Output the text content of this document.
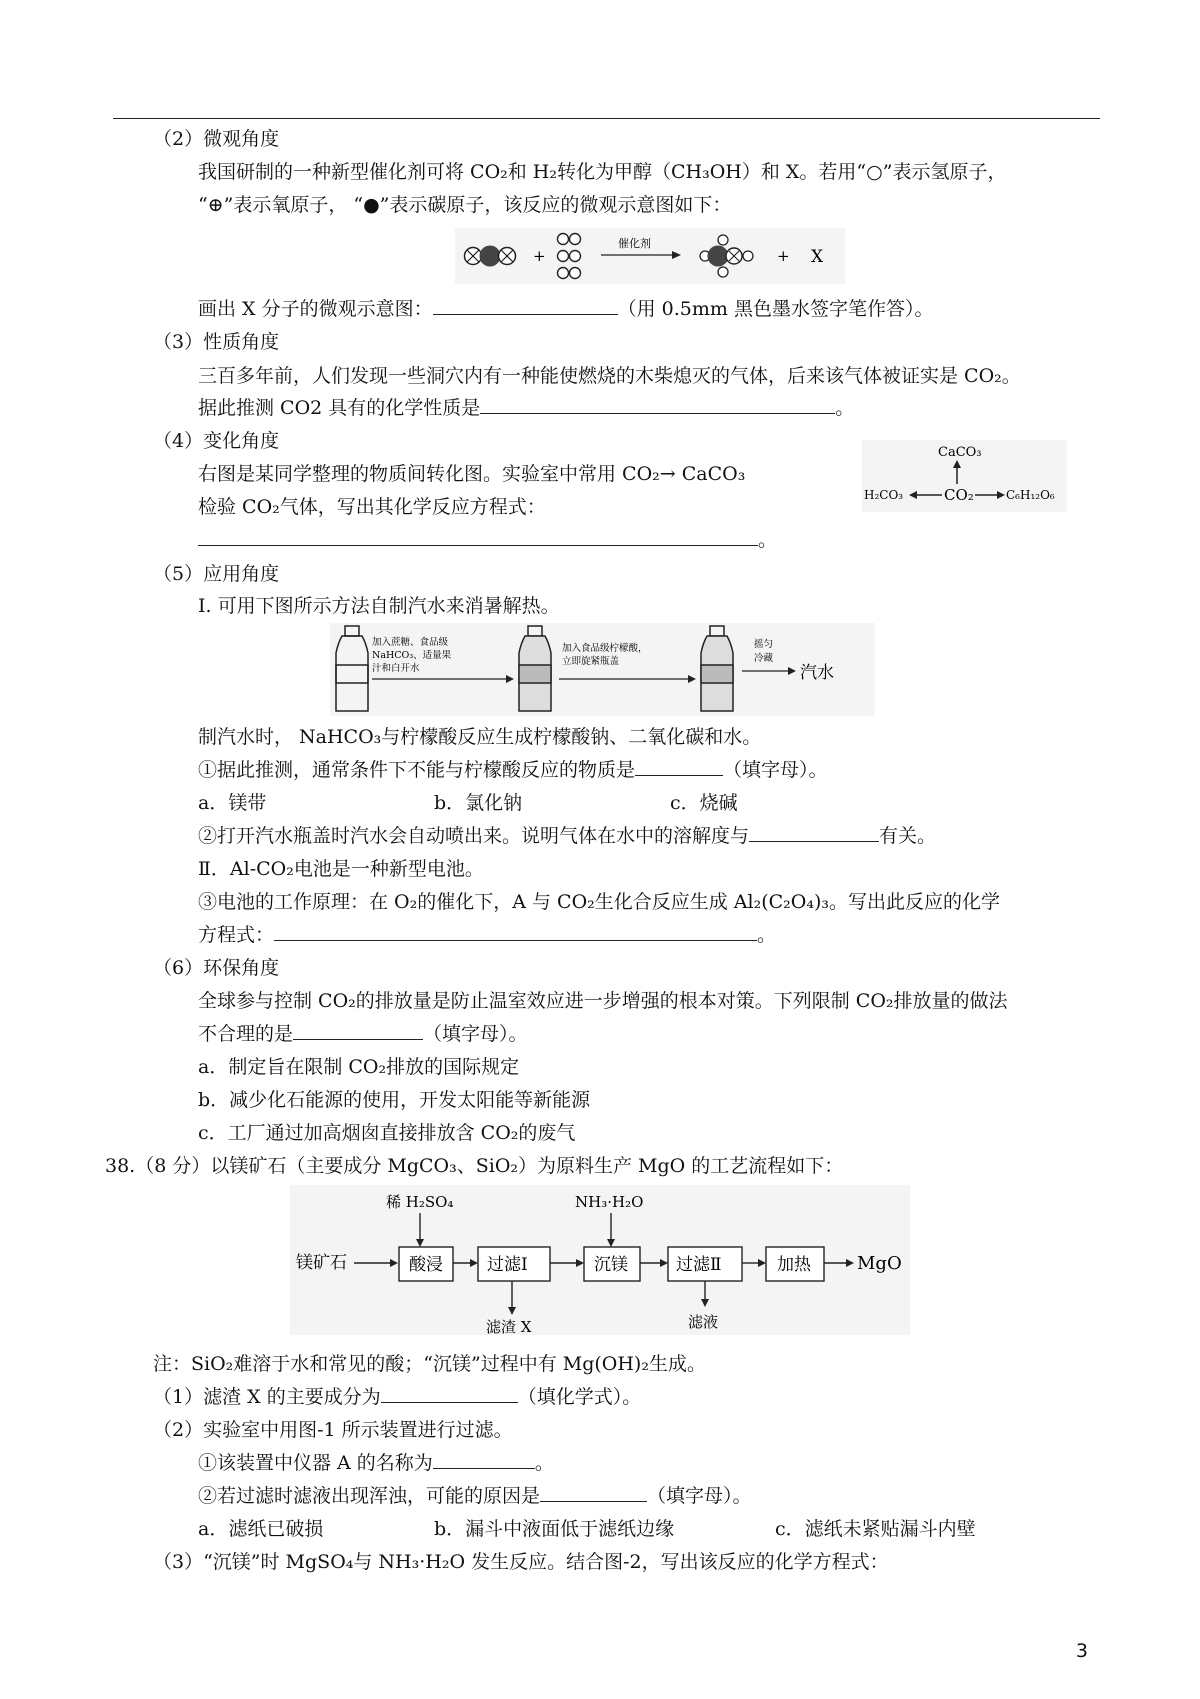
（2）微观角度
我国研制的一种新型催化剂可将 CO₂和 H₂转化为甲醇（CH₃OH）和 X。若用“○”表示氢原子，
“⊕”表示氧原子， “●”表示碳原子，该反应的微观示意图如下：
+
催化剂
+ X
画出 X 分子的微观示意图：	（用 0.5mm 黑色墨水签字笔作答）。
（3）性质角度
三百多年前，人们发现一些洞穴内有一种能使燃烧的木柴熄灭的气体，后来该气体被证实是 CO₂。
据此推测 CO2 具有的化学性质是	。
（4）变化角度
右图是某同学整理的物质间转化图。实验室中常用 CO₂→ CaCO₃
检验 CO₂气体，写出其化学反应方程式：
。
CaCO₃
CO₂
H₂CO₃	C₆H₁₂O₆
（5）应用角度
Ⅰ. 可用下图所示方法自制汽水来消暑解热。
加入蔗糖、食品级
NaHCO₃、适量果
汁和白开水
加入食品级柠檬酸，
立即旋紧瓶盖
摇匀
冷藏
汽水
制汽水时， NaHCO₃与柠檬酸反应生成柠檬酸钠、二氧化碳和水。
①据此推测，通常条件下不能与柠檬酸反应的物质是	（填字母）。
a．镁带	b．氯化钠	c．烧碱
②打开汽水瓶盖时汽水会自动喷出来。说明气体在水中的溶解度与	有关。
Ⅱ．Al-CO₂电池是一种新型电池。
③电池的工作原理：在 O₂的催化下，A 与 CO₂生化合反应生成 Al₂(C₂O₄)₃。写出此反应的化学
方程式：	。
（6）环保角度
全球参与控制 CO₂的排放量是防止温室效应进一步增强的根本对策。下列限制 CO₂排放量的做法
不合理的是	（填字母）。
a．制定旨在限制 CO₂排放的国际规定
b．减少化石能源的使用，开发太阳能等新能源
c．工厂通过加高烟囱直接排放含 CO₂的废气
38.（8 分）以镁矿石（主要成分 MgCO₃、SiO₂）为原料生产 MgO 的工艺流程如下：
镁矿石
稀 H₂SO₄
酸浸	过滤Ⅰ
滤渣 X
NH₃·H₂O
沉镁	过滤Ⅱ
滤液
加热	MgO
注：SiO₂难溶于水和常见的酸；“沉镁”过程中有 Mg(OH)₂生成。
（1）滤渣 X 的主要成分为	（填化学式）。
（2）实验室中用图-1 所示装置进行过滤。
①该装置中仪器 A 的名称为	。
②若过滤时滤液出现浑浊，可能的原因是	（填字母）。
a．滤纸已破损	b．漏斗中液面低于滤纸边缘	c．滤纸未紧贴漏斗内壁
（3）“沉镁”时 MgSO₄与 NH₃·H₂O 发生反应。结合图-2，写出该反应的化学方程式：
3
